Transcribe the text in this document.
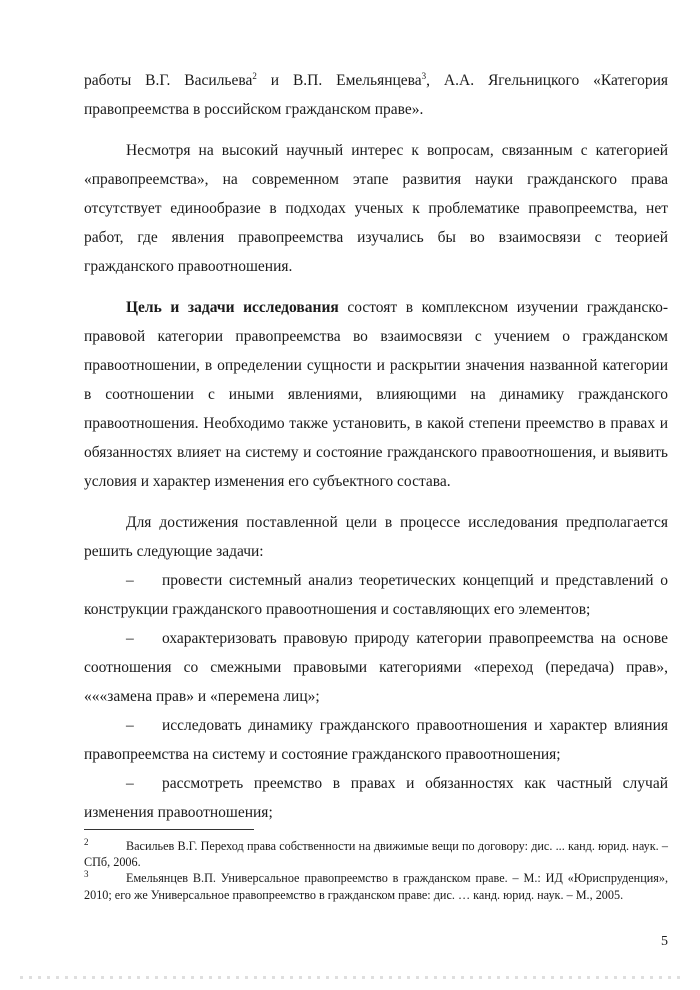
работы В.Г. Васильева$^2$ и В.П. Емельянцева$^3$, А.А. Ягельницкого «Категория правопреемства в российском гражданском праве».

Несмотря на высокий научный интерес к вопросам, связанным с категорией «правопреемства», на современном этапе развития науки гражданского права отсутствует единообразие в подходах ученых к проблематике правопреемства, нет работ, где явления правопреемства изучались бы во взаимосвязи с теорией гражданского правоотношения.

Цель и задачи исследования состоят в комплексном изучении гражданско-правовой категории правопреемства во взаимосвязи с учением о гражданском правоотношении, в определении сущности и раскрытии значения названной категории в соотношении с иными явлениями, влияющими на динамику гражданского правоотношения. Необходимо также установить, в какой степени преемство в правах и обязанностях влияет на систему и состояние гражданского правоотношения, и выявить условия и характер изменения его субъектного состава.

Для достижения поставленной цели в процессе исследования предполагается решить следующие задачи:

– провести системный анализ теоретических концепций и представлений о конструкции гражданского правоотношения и составляющих его элементов;

– охарактеризовать правовую природу категории правопреемства на основе соотношения со смежными правовыми категориями «переход (передача) прав», «««замена прав» и «перемена лиц»;

– исследовать динамику гражданского правоотношения и характер влияния правопреемства на систему и состояние гражданского правоотношения;

– рассмотреть преемство в правах и обязанностях как частный случай изменения правоотношения;

$^2$	Васильев В.Г. Переход права собственности на движимые вещи по договору: дис. ... канд. юрид. наук. – СПб, 2006.

$^3$	Емельянцев В.П. Универсальное правопреемство в гражданском праве. – М.: ИД «Юриспруденция», 2010; его же Универсальное правопреемство в гражданском праве: дис. … канд. юрид. наук. – М., 2005.

5
